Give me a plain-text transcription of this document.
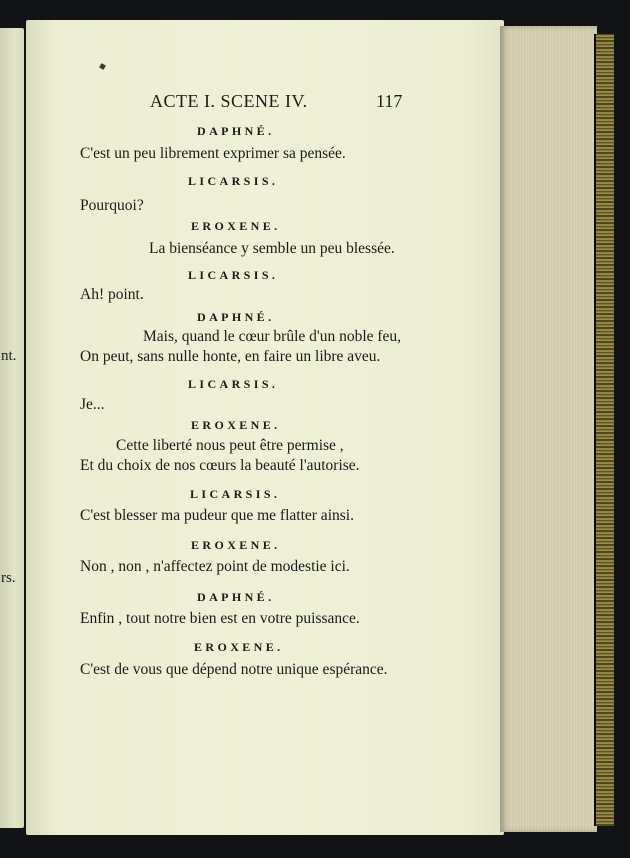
nt.
rs.
ACTE I. SCENE IV.	117
DAPHNÉ.
C'est un peu librement exprimer sa pensée.
LICARSIS.
Pourquoi?
EROXENE.
La bienséance y semble un peu blessée.
LICARSIS.
Ah! point.
DAPHNÉ.
Mais, quand le cœur brûle d'un noble feu,
On peut, sans nulle honte, en faire un libre aveu.
LICARSIS.
Je...
EROXENE.
Cette liberté nous peut être permise ,
Et du choix de nos cœurs la beauté l'autorise.
LICARSIS.
C'est blesser ma pudeur que me flatter ainsi.
EROXENE.
Non , non , n'affectez point de modestie ici.
DAPHNÉ.
Enfin , tout notre bien est en votre puissance.
EROXENE.
C'est de vous que dépend notre unique espérance.
